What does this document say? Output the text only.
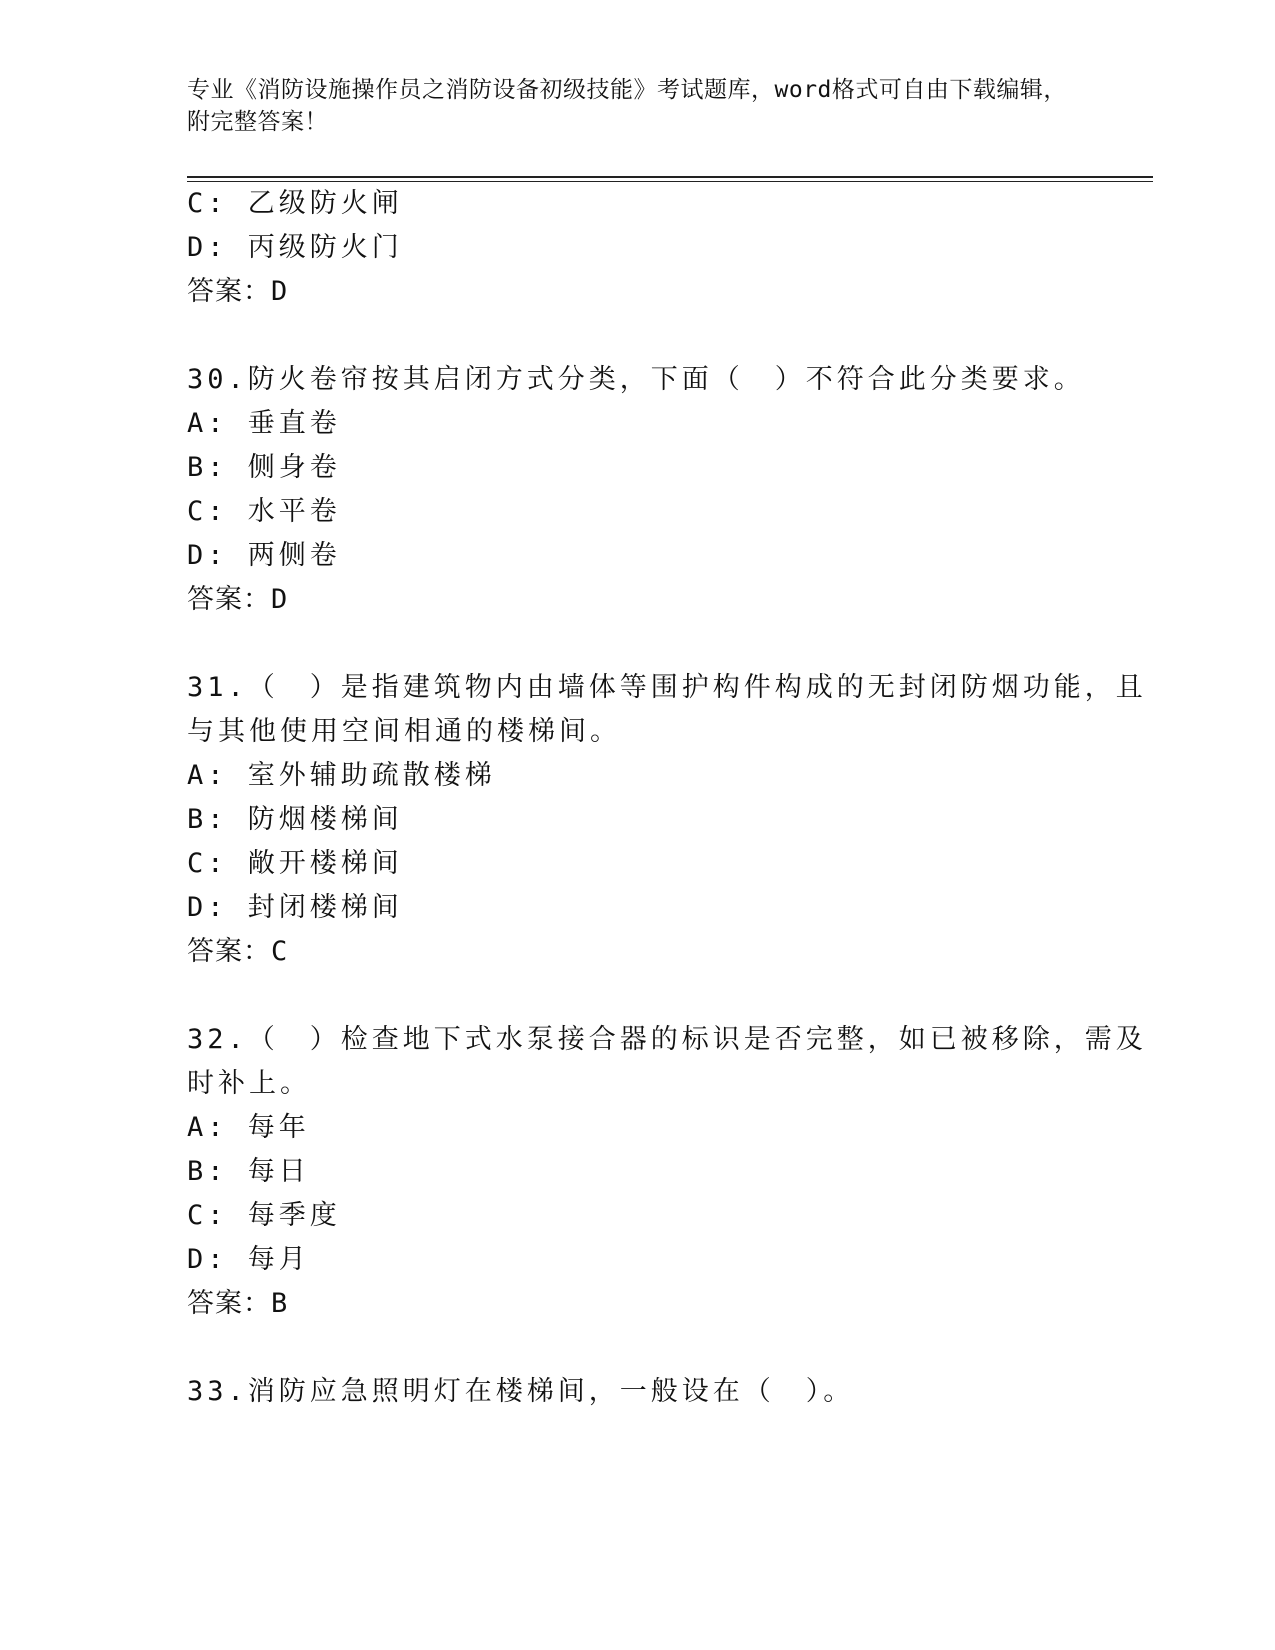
专业《消防设施操作员之消防设备初级技能》考试题库，word格式可自由下载编辑，附完整答案！
C: 乙级防火闸
D: 丙级防火门
答案：D
30.防火卷帘按其启闭方式分类，下面（　）不符合此分类要求。
A: 垂直卷
B: 侧身卷
C: 水平卷
D: 两侧卷
答案：D
31.（　）是指建筑物内由墙体等围护构件构成的无封闭防烟功能，且
与其他使用空间相通的楼梯间。
A: 室外辅助疏散楼梯
B: 防烟楼梯间
C: 敞开楼梯间
D: 封闭楼梯间
答案：C
32.（　）检查地下式水泵接合器的标识是否完整，如已被移除，需及
时补上。
A: 每年
B: 每日
C: 每季度
D: 每月
答案：B
33.消防应急照明灯在楼梯间，一般设在（　）。
